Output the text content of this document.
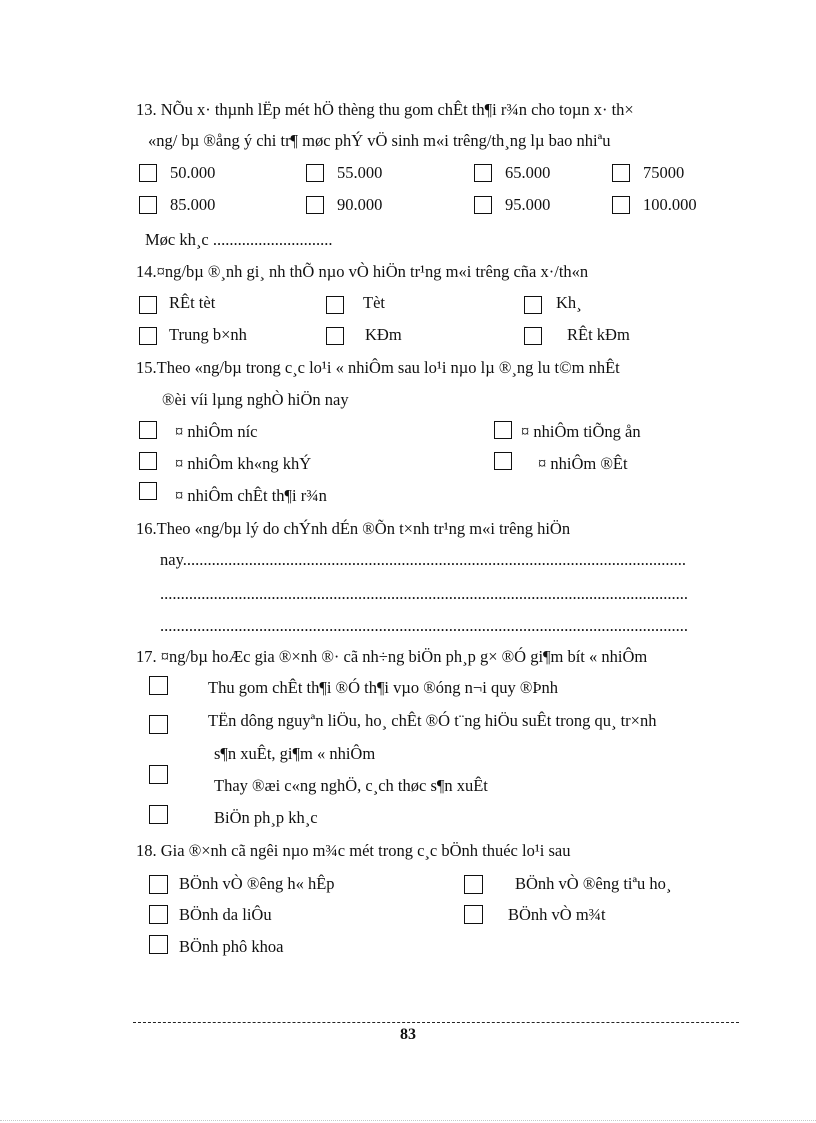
13. NÕu x· thµnh lËp mét hÖ thèng thu gom chÊt th¶i r¾n cho toµn x· th×
«ng/ bµ ®ång ý chi tr¶ møc phÝ vÖ sinh m«i trêng/th¸ng lµ bao nhiªu
50.000	55.000	65.000	75000
85.000	90.000	95.000	100.000
Møc kh¸c .............................
14.¤ng/bµ ®¸nh gi¸ nh thÕ nµo vÒ hiÖn tr¹ng m«i trêng cña x·/th«n
RÊt tèt	Tèt	Kh¸
Trung b×nh	KÐm	RÊt kÐm
15.Theo «ng/bµ trong c¸c lo¹i « nhiÔm sau lo¹i nµo lµ ®¸ng lu t©m nhÊt
®èi víi lµng nghÒ hiÖn nay
¤ nhiÔm níc	¤ nhiÔm tiÕng ån
¤ nhiÔm kh«ng khÝ	¤ nhiÔm ®Êt
¤ nhiÔm chÊt th¶i r¾n
16.Theo «ng/bµ lý do chÝnh dÉn ®Õn t×nh tr¹ng m«i trêng hiÖn
nay..........................................................................................................................
................................................................................................................................
................................................................................................................................
17. ¤ng/bµ hoÆc gia ®×nh ®· cã nh÷ng biÖn ph¸p g× ®Ó gi¶m bít « nhiÔm
Thu gom chÊt th¶i ®Ó th¶i vµo ®óng n¬i quy ®Þnh
TËn dông nguyªn liÖu, ho¸ chÊt ®Ó t¨ng hiÖu suÊt trong qu¸ tr×nh
s¶n xuÊt, gi¶m « nhiÔm
Thay ®æi c«ng nghÖ, c¸ch thøc s¶n xuÊt
BiÖn ph¸p kh¸c
18. Gia ®×nh cã ngêi nµo m¾c mét trong c¸c bÖnh thuéc lo¹i sau
BÖnh vÒ ®êng h« hÊp	BÖnh vÒ ®êng tiªu ho¸
BÖnh da liÔu	BÖnh vÒ m¾t
BÖnh phô khoa
83
